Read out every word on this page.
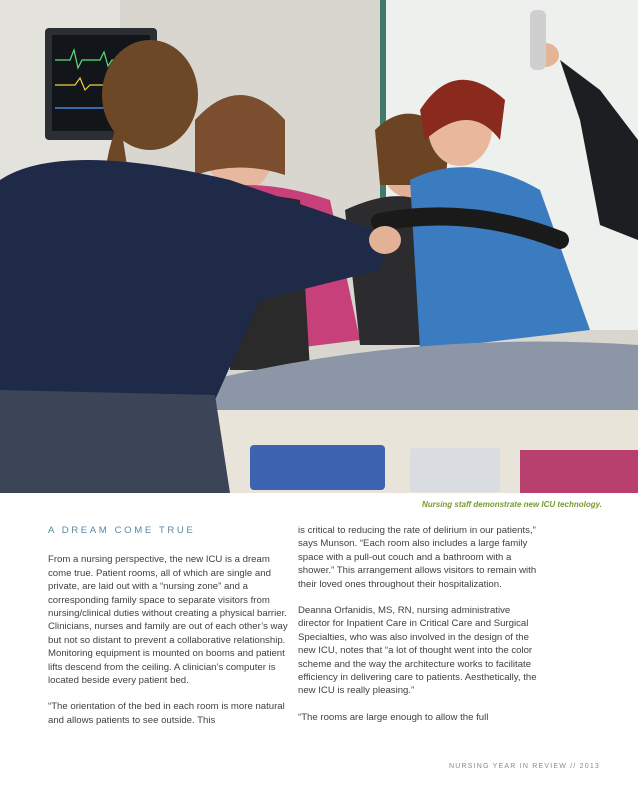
Nursing staff demonstrate new ICU technology.
A DREAM COME TRUE

From a nursing perspective, the new ICU is a dream come true. Patient rooms, all of which are single and private, are laid out with a “nursing zone” and a corresponding family space to separate visitors from nursing/clinical duties without creating a physical barrier. Clinicians, nurses and family are out of each other’s way but not so distant to prevent a collaborative relationship. Monitoring equipment is mounted on booms and patient lifts descend from the ceiling. A clinician’s computer is located beside every patient bed.

“The orientation of the bed in each room is more natural and allows patients to see outside. This

is critical to reducing the rate of delirium in our patients,” says Munson. “Each room also includes a large family space with a pull-out couch and a bathroom with a shower.” This arrangement allows visitors to remain with their loved ones throughout their hospitalization.

Deanna Orfanidis, MS, RN, nursing administrative director for Inpatient Care in Critical Care and Surgical Specialties, who was also involved in the design of the new ICU, notes that “a lot of thought went into the color scheme and the way the architecture works to facilitate efficiency in delivering care to patients. Aesthetically, the new ICU is really pleasing.”

“The rooms are large enough to allow the full

NURSING YEAR IN REVIEW // 2013
